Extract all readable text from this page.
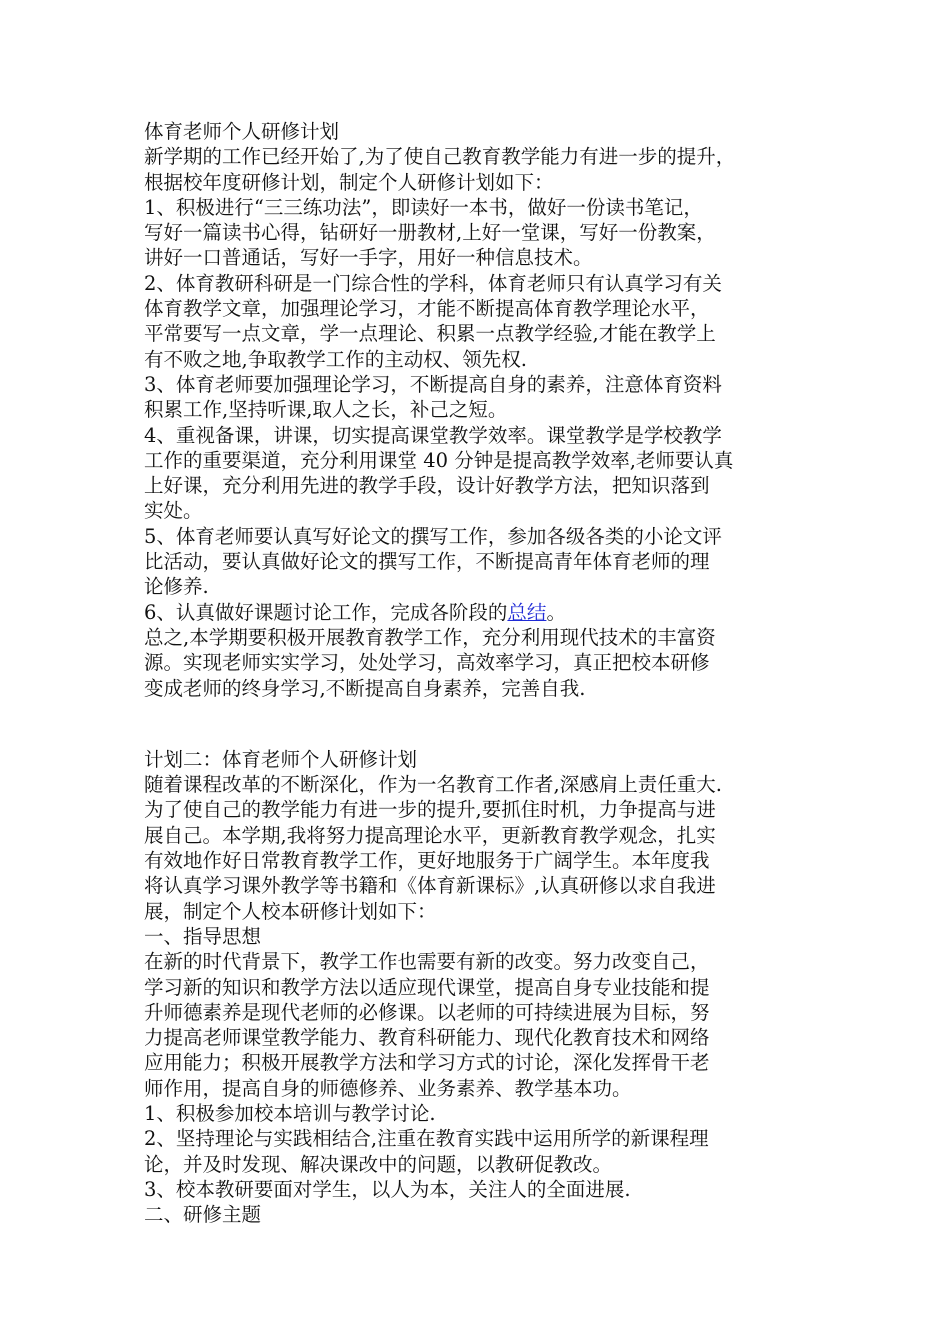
体育老师个人研修计划
新学期的工作已经开始了,为了使自己教育教学能力有进一步的提升，
根据校年度研修计划，制定个人研修计划如下：
1、积极进行“三三练功法”，即读好一本书，做好一份读书笔记，
写好一篇读书心得，钻研好一册教材,上好一堂课，写好一份教案，
讲好一口普通话，写好一手字，用好一种信息技术。
2、体育教研科研是一门综合性的学科，体育老师只有认真学习有关
体育教学文章，加强理论学习，才能不断提高体育教学理论水平，
平常要写一点文章，学一点理论、积累一点教学经验,才能在教学上
有不败之地,争取教学工作的主动权、领先权.
3、体育老师要加强理论学习，不断提高自身的素养，注意体育资料
积累工作,坚持听课,取人之长，补己之短。
4、重视备课，讲课，切实提高课堂教学效率。课堂教学是学校教学
工作的重要渠道，充分利用课堂 40 分钟是提高教学效率,老师要认真
上好课，充分利用先进的教学手段，设计好教学方法，把知识落到
实处。
5、体育老师要认真写好论文的撰写工作，参加各级各类的小论文评
比活动，要认真做好论文的撰写工作，不断提高青年体育老师的理
论修养.
6、认真做好课题讨论工作，完成各阶段的总结。
总之,本学期要积极开展教育教学工作，充分利用现代技术的丰富资
源。实现老师实实学习，处处学习，高效率学习，真正把校本研修
变成老师的终身学习,不断提高自身素养，完善自我.
计划二：体育老师个人研修计划
随着课程改革的不断深化，作为一名教育工作者,深感肩上责任重大.
为了使自己的教学能力有进一步的提升,要抓住时机，力争提高与进
展自己。本学期,我将努力提高理论水平，更新教育教学观念，扎实
有效地作好日常教育教学工作，更好地服务于广阔学生。本年度我
将认真学习课外教学等书籍和《体育新课标》,认真研修以求自我进
展，制定个人校本研修计划如下：
一、指导思想
在新的时代背景下，教学工作也需要有新的改变。努力改变自己，
学习新的知识和教学方法以适应现代课堂，提高自身专业技能和提
升师德素养是现代老师的必修课。以老师的可持续进展为目标，努
力提高老师课堂教学能力、教育科研能力、现代化教育技术和网络
应用能力；积极开展教学方法和学习方式的讨论，深化发挥骨干老
师作用，提高自身的师德修养、业务素养、教学基本功。
1、积极参加校本培训与教学讨论.
2、坚持理论与实践相结合,注重在教育实践中运用所学的新课程理
论，并及时发现、解决课改中的问题，以教研促教改。
3、校本教研要面对学生，以人为本，关注人的全面进展.
二、研修主题
